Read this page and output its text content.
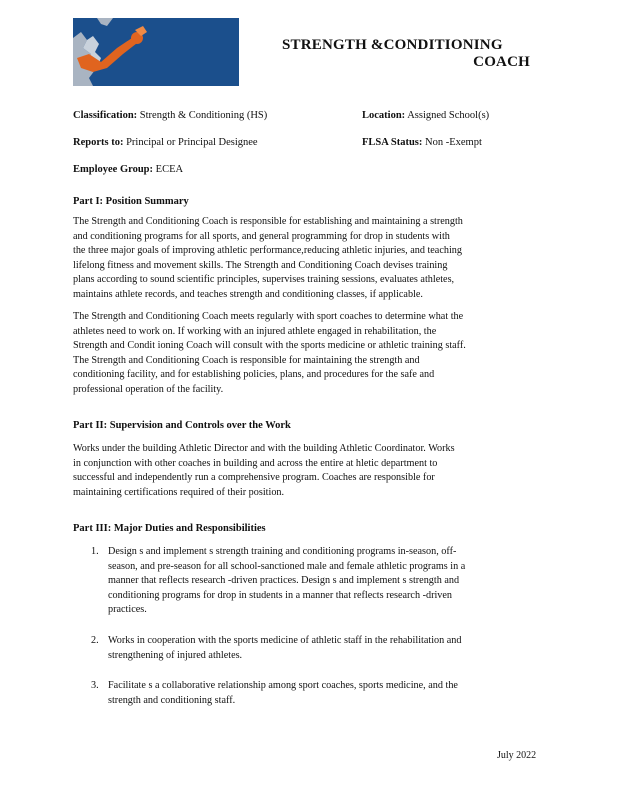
STRENGTH &CONDITIONING
COACH
Classification: Strength & Conditioning (HS)	Location: Assigned School(s)
Reports to: Principal or Principal Designee	FLSA Status: Non -Exempt
Employee Group: ECEA
Part I: Position Summary
The Strength and Conditioning Coach is responsible for establishing and maintaining a strength
and conditioning programs for all sports, and general programming for drop in students with
the three major goals of improving athletic performance,reducing athletic injuries, and teaching
lifelong fitness and movement skills. The Strength and Conditioning Coach devises training
plans according to sound scientific principles, supervises training sessions, evaluates athletes,
maintains athlete records, and teaches strength and conditioning classes, if applicable.
The Strength and Conditioning Coach meets regularly with sport coaches to determine what the
athletes need to work on. If working with an injured athlete engaged in rehabilitation, the
Strength and Condit ioning Coach will consult with the sports medicine or athletic training staff.
The Strength and Conditioning Coach is responsible for maintaining the strength and
conditioning facility, and for establishing policies, plans, and procedures for the safe and
professional operation of the facility.
Part II: Supervision and Controls over the Work
Works under the building Athletic Director and with the building Athletic Coordinator. Works
in conjunction with other coaches in building and across the entire at hletic department to
successful and independently run a comprehensive program. Coaches are responsible for
maintaining certifications required of their position.
Part III: Major Duties and Responsibilities
1. Design s and implement s strength training and conditioning programs in-season, off-
season, and pre-season for all school-sanctioned male and female athletic programs in a
manner that reflects research -driven practices. Design s and implement s strength and
conditioning programs for drop in students in a manner that reflects research -driven
practices.
2. Works in cooperation with the sports medicine of athletic staff in the rehabilitation and
strengthening of injured athletes.
3. Facilitate s a collaborative relationship among sport coaches, sports medicine, and the
strength and conditioning staff.
July 2022
